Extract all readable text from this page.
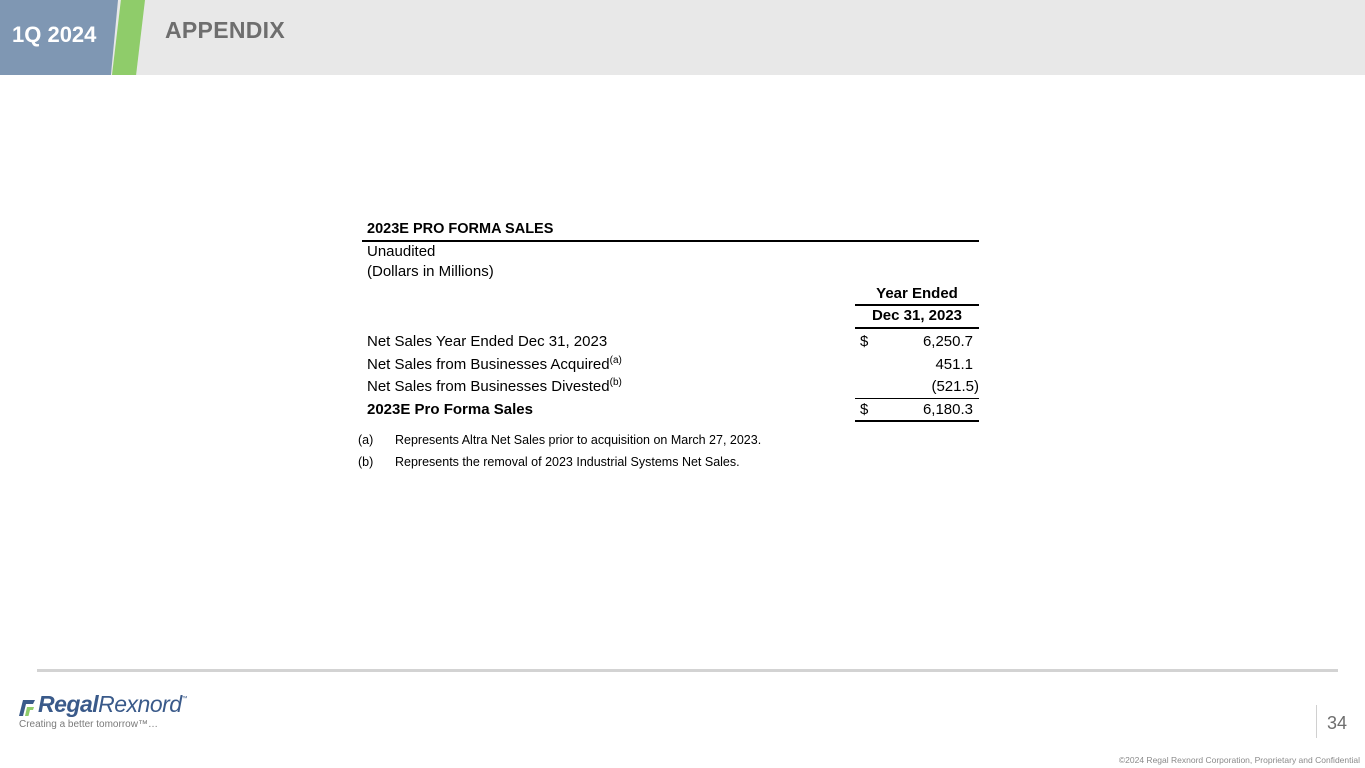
1Q 2024	APPENDIX
2023E PRO FORMA SALES
Unaudited
(Dollars in Millions)
Year Ended
Dec 31, 2023
Net Sales Year Ended Dec 31, 2023	$	6,250.7
Net Sales from Businesses Acquired$^{(a)}$	451.1
Net Sales from Businesses Divested$^{(b)}$	(521.5)
2023E Pro Forma Sales	$	6,180.3
(a) Represents Altra Net Sales prior to acquisition on March 27, 2023.
(b) Represents the removal of 2023 Industrial Systems Net Sales.
RegalRexnord™
Creating a better tomorrow™…	34
©2024 Regal Rexnord Corporation, Proprietary and Confidential
